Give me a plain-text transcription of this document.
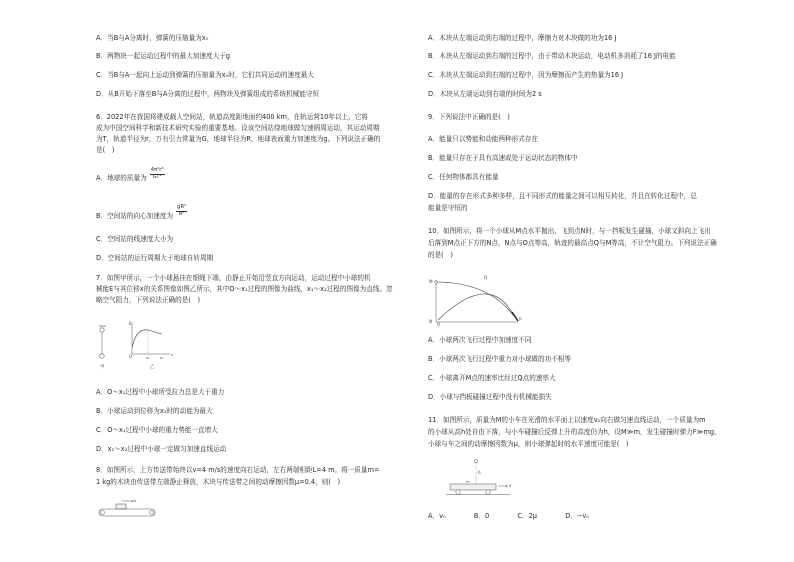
A．当B与A分离时，弹簧的压缩量为x₀
B．两物块一起运动过程中的最大加速度大于g
C．当B与A一起向上运动到弹簧的压缩量为x₀时，它们共同运动的速度最大
D．从B开始下落至B与A分离的过程中，两物块及弹簧组成的系统机械能守恒
6．2022年在我国将建成载人空间站，轨道高度距地面约400 km，在轨运营10年以上，它将
成为中国空间科学和新技术研究实验的重要基地。设该空间站绕地球做匀速圆周运动，其运动周期
为T，轨道半径为r，万有引力常量为G，地球半径为R，地球表面重力加速度为g。下列说法正确的
是(　)
A．地球的质量为 $\frac{\text{4π²r³}}{\text{GT²}}$
B．空间站的向心加速度为 $\frac{\text{gR²}}{\text{R²}}$
C．空间站的线速度大小为
D．空间站的运行周期大于地球自转周期
7．如图甲所示，一个小球悬挂在细绳下端，由静止开始沿竖直方向运动，运动过程中小球的机
械能E与其位移x的关系图像如图乙所示，其中O～x₁过程的图像为曲线，x₁～x₂过程的图像为直线。忽
略空气阻力，下列说法正确的是(　)
甲
E
O	x₁	x₂
x
乙
A．O～x₁过程中小球所受拉力总是大于重力
B．小球运动到位移为x₁时的动能为最大
C．O～x₁过程中小球的重力势能一直增大
D．x₁～x₂过程中小球一定做匀加速直线运动
8．如图所示，上方传送带始终以v=4 m/s的速度向右运动，左右两端相距L=4 m。将一质量m=
1 kg的木块由传送带左端静止释放，木块与传送带之间的动摩擦因数μ=0.4，则(　)
v
A．木块从左端运动到右端的过程中，摩擦力对木块做的功为16 J
B．木块从左端运动到右端的过程中，由于带动木块运动，电动机多消耗了16 J的电能
C．木块从左端运动到右端的过程中，因为摩擦而产生的热量为16 J
D．木块从左端运动到右端的时间为2 s
9．下列说法中正确的是(　)
A．能量只以势能和动能两种形式存在
B．能量只存在于具有高速或处于运动状态的物体中
C．任何物体都具有能量
D．能量的存在形式多种多样，且不同形式的能量之间可以相互转化，并且在转化过程中，总
能量是守恒的
10．如图所示，将一个小球从M点水平抛出，飞到点N时，与一挡板发生碰撞，小球又斜向上飞出
后落到M点正下方的N点，N点与O点等高，轨迹的最高点Q与M等高，不计空气阻力。下列说法正确
的是(　)
M
Q
N
O
P
A．小球两次飞行过程中加速度不同
B．小球两次飞行过程中重力对小球做的功不相等
C．小球离开M点的速率比经过Q点的速率大
D．小球与挡板碰撞过程中没有机械能损失
11．如图所示，质量为M的小车在光滑的水平面上以速度v₀向右做匀速直线运动，一个质量为m
的小球从高h处自由下落，与小车碰撞后反弹上升的高度仍为h，设M≫m，发生碰撞时弹力F≫mg，
小球与车之间的动摩擦因数为μ，则小球弹起时的水平速度可能是(　)
h
m
v
A．v₀	B．0	C．2μ	D．−v₀
